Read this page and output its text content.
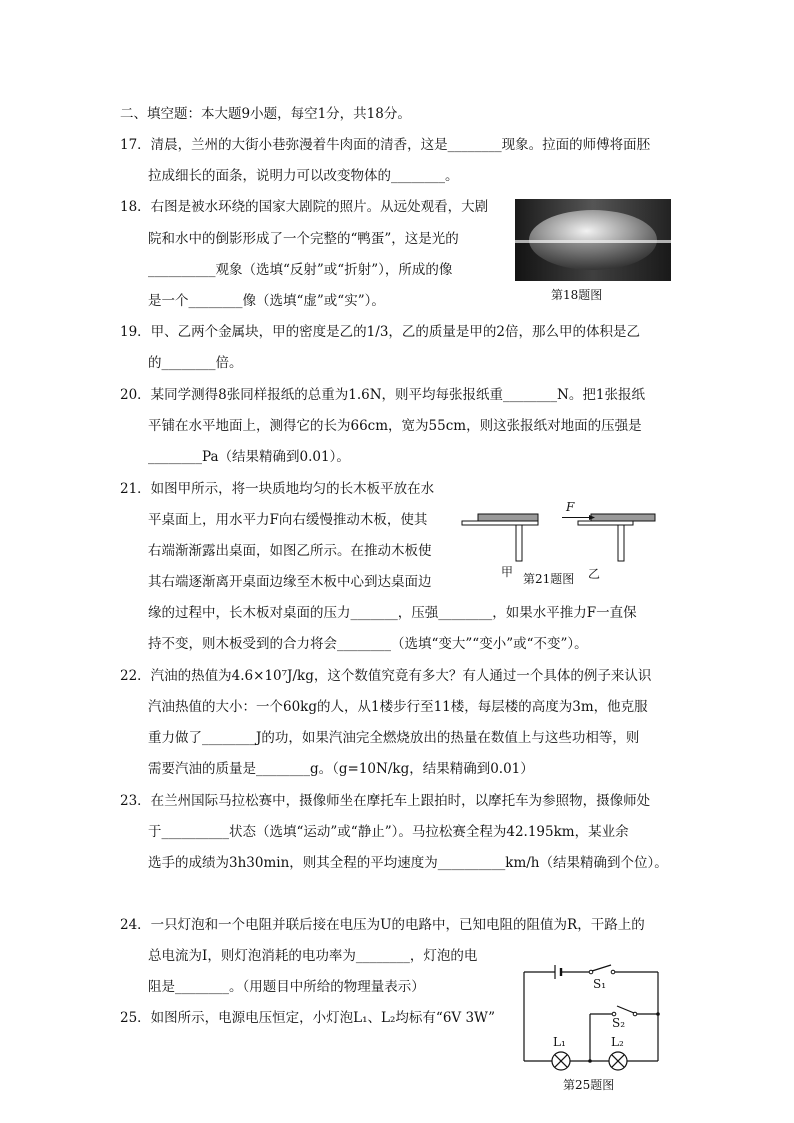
二、填空题：本大题9小题，每空1分，共18分。
17．清晨，兰州的大街小巷弥漫着牛肉面的清香，这是________现象。拉面的师傅将面胚
拉成细长的面条，说明力可以改变物体的________。
18．右图是被水环绕的国家大剧院的照片。从远处观看，大剧
院和水中的倒影形成了一个完整的“鸭蛋”，这是光的
__________观象（选填“反射”或“折射”），所成的像
是一个________像（选填“虚”或“实”）。	第18题图
19．甲、乙两个金属块，甲的密度是乙的1/3，乙的质量是甲的2倍，那么甲的体积是乙
的________倍。
20．某同学测得8张同样报纸的总重为1.6N，则平均每张报纸重________N。把1张报纸
平铺在水平地面上，测得它的长为66cm，宽为55cm，则这张报纸对地面的压强是
________Pa（结果精确到0.01）。
21．如图甲所示，将一块质地均匀的长木板平放在水
平桌面上，用水平力F向右缓慢推动木板，使其
右端渐渐露出桌面，如图乙所示。在推动木板使
其右端逐渐离开桌面边缘至木板中心到达桌面边
缘的过程中，长木板对桌面的压力_______，压强________，如果水平推力F一直保
持不变，则木板受到的合力将会________（选填“变大”“变小”或“不变”）。
F
甲 第21题图 乙
22．汽油的热值为4.6×10⁷J/kg，这个数值究竟有多大？有人通过一个具体的例子来认识
汽油热值的大小：一个60kg的人，从1楼步行至11楼，每层楼的高度为3m，他克服
重力做了________J的功，如果汽油完全燃烧放出的热量在数值上与这些功相等，则
需要汽油的质量是________g。（g=10N/kg，结果精确到0.01）
23．在兰州国际马拉松赛中，摄像师坐在摩托车上跟拍时，以摩托车为参照物，摄像师处
于__________状态（选填“运动”或“静止”）。马拉松赛全程为42.195km，某业余
选手的成绩为3h30min，则其全程的平均速度为__________km/h（结果精确到个位）。
24．一只灯泡和一个电阻并联后接在电压为U的电路中，已知电阻的阻值为R，干路上的
总电流为I，则灯泡消耗的电功率为________，灯泡的电
阻是________。（用题目中所给的物理量表示）
25．如图所示，电源电压恒定，小灯泡L₁、L₂均标有“6V 3W”
S₁
S₂
L₁	L₂
第25题图
